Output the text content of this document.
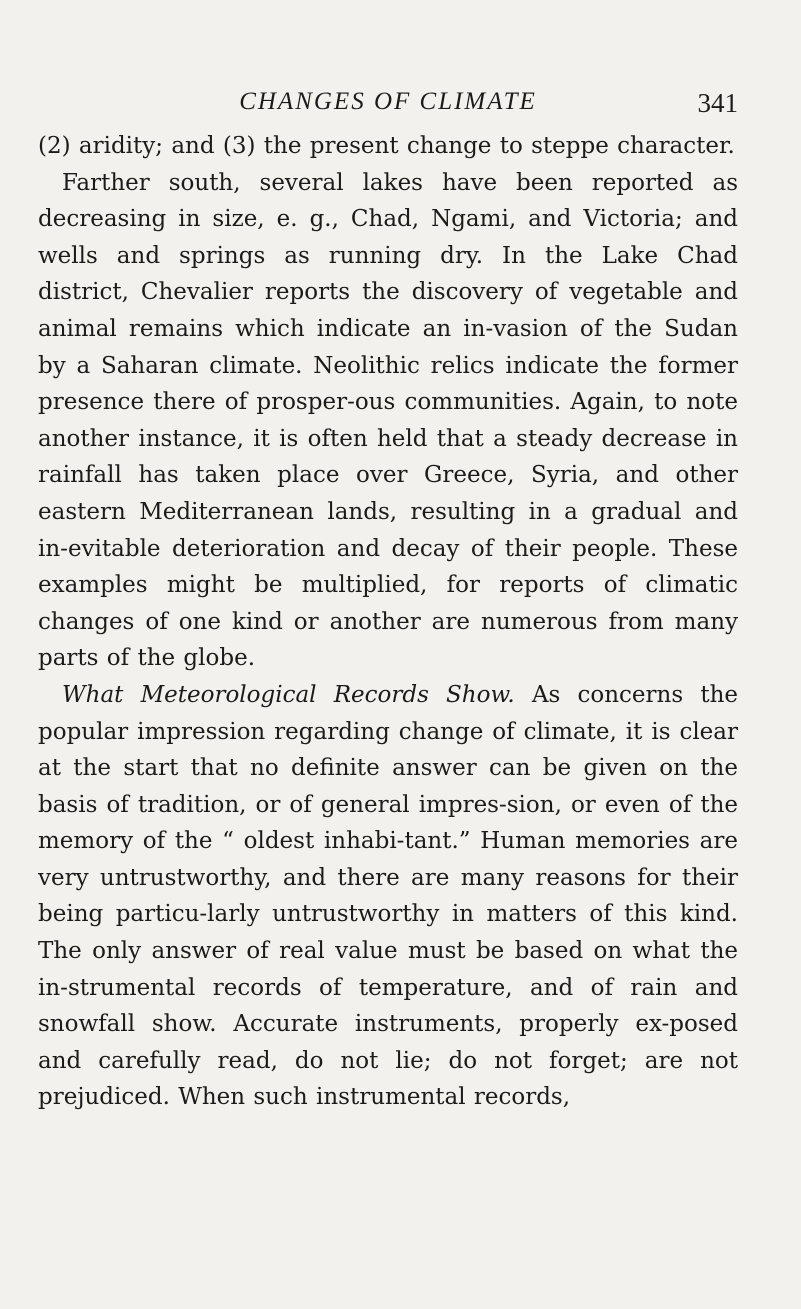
CHANGES OF CLIMATE	341

(2) aridity; and (3) the present change to steppe character.

Farther south, several lakes have been reported as decreasing in size, e. g., Chad, Ngami, and Victoria; and wells and springs as running dry. In the Lake Chad district, Chevalier reports the discovery of vegetable and animal remains which indicate an in-vasion of the Sudan by a Saharan climate. Neolithic relics indicate the former presence there of prosper-ous communities. Again, to note another instance, it is often held that a steady decrease in rainfall has taken place over Greece, Syria, and other eastern Mediterranean lands, resulting in a gradual and in-evitable deterioration and decay of their people. These examples might be multiplied, for reports of climatic changes of one kind or another are numerous from many parts of the globe.

What Meteorological Records Show. As concerns the popular impression regarding change of climate, it is clear at the start that no definite answer can be given on the basis of tradition, or of general impres-sion, or even of the memory of the “ oldest inhabi-tant.” Human memories are very untrustworthy, and there are many reasons for their being particu-larly untrustworthy in matters of this kind. The only answer of real value must be based on what the in-strumental records of temperature, and of rain and snowfall show. Accurate instruments, properly ex-posed and carefully read, do not lie; do not forget; are not prejudiced. When such instrumental records,
